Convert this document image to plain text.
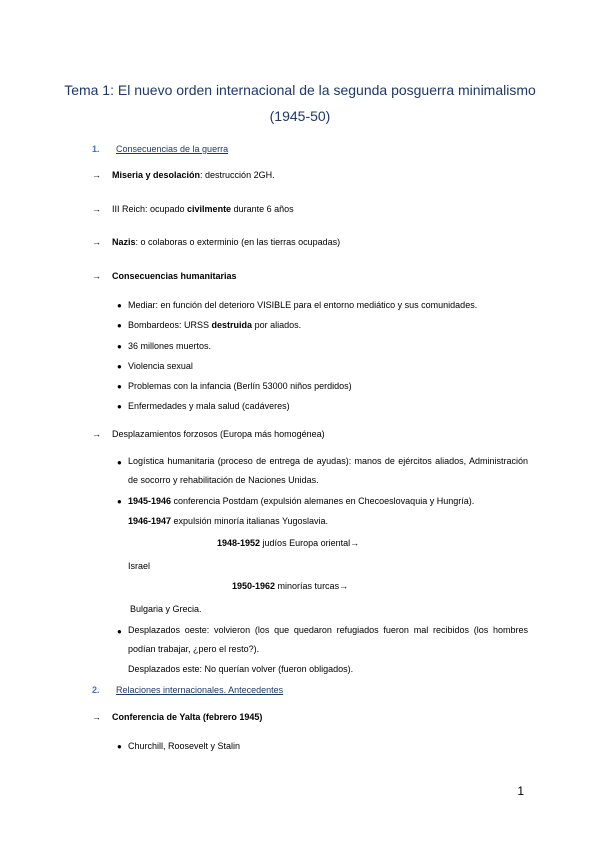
Tema 1: El nuevo orden internacional de la segunda posguerra minimalismo
(1945-50)
1. Consecuencias de la guerra
→ Miseria y desolación: destrucción 2GH.
→ III Reich: ocupado civilmente durante 6 años
→ Nazis: o colaboras o exterminio (en las tierras ocupadas)
→ Consecuencias humanitarias
● Mediar: en función del deterioro VISIBLE para el entorno mediático y sus comunidades.
● Bombardeos: URSS destruida por aliados.
● 36 millones muertos.
● Violencia sexual
● Problemas con la infancia (Berlín 53000 niños perdidos)
● Enfermedades y mala salud (cadáveres)
→ Desplazamientos forzosos (Europa más homogénea)
● Logística humanitaria (proceso de entrega de ayudas): manos de ejércitos aliados, Administración de socorro y rehabilitación de Naciones Unidas.
● 1945-1946 conferencia Postdam (expulsión alemanes en Checoeslovaquia y Hungría).
1946-1947 expulsión minoría italianas Yugoslavia.
1948-1952 judíos Europa oriental→
Israel
1950-1962 minorías turcas→
Bulgaria y Grecia.
● Desplazados oeste: volvieron (los que quedaron refugiados fueron mal recibidos (los hombres podían trabajar, ¿pero el resto?).
Desplazados este: No querían volver (fueron obligados).
2. Relaciones internacionales. Antecedentes
→ Conferencia de Yalta (febrero 1945)
● Churchill, Roosevelt y Stalin
1
